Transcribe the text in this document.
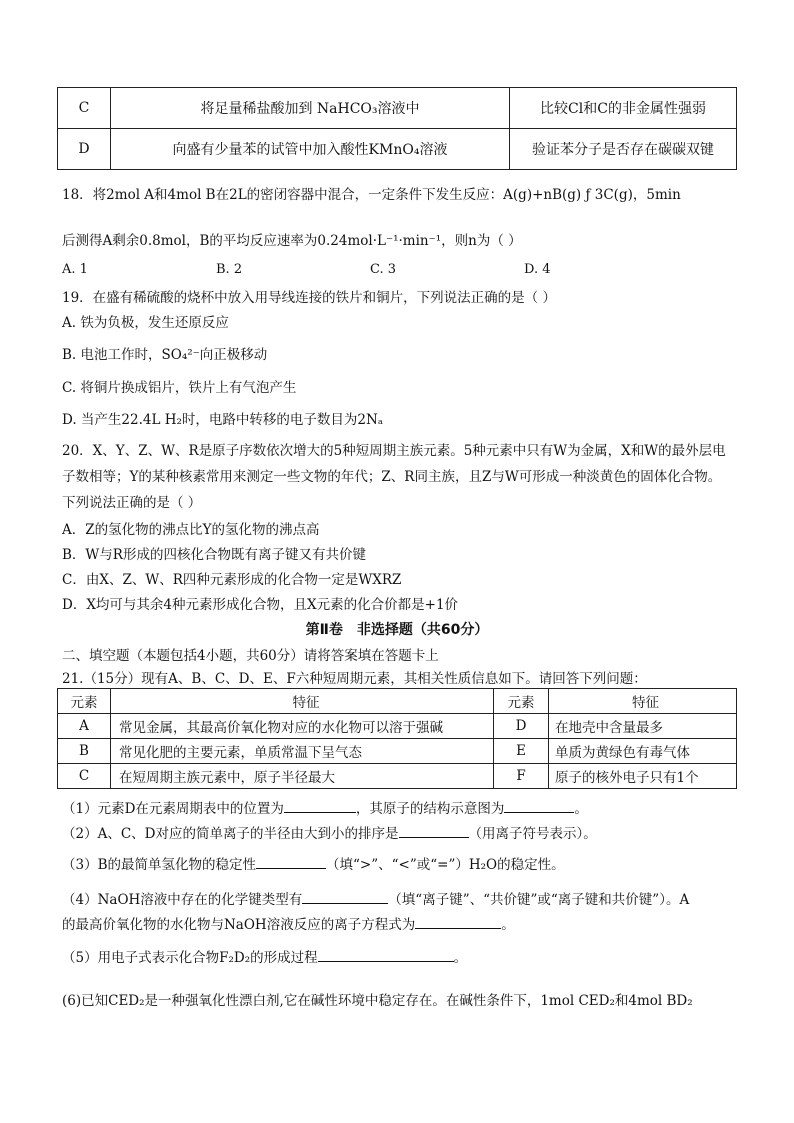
C	将足量稀盐酸加到 NaHCO₃溶液中	比较Cl和C的非金属性强弱
D	向盛有少量苯的试管中加入酸性KMnO₄溶液	验证苯分子是否存在碳碳双键
18．将2mol A和4mol B在2L的密闭容器中混合，一定条件下发生反应：A(g)+nB(g) ƒ 3C(g)，5min
后测得A剩余0.8mol，B的平均反应速率为0.24mol·L⁻¹·min⁻¹，则n为（ ）
A. 1	B. 2	C. 3	D. 4
19．在盛有稀硫酸的烧杯中放入用导线连接的铁片和铜片，下列说法正确的是（ ）
A. 铁为负极，发生还原反应
B. 电池工作时，SO₄²⁻向正极移动
C. 将铜片换成铝片，铁片上有气泡产生
D. 当产生22.4L H₂时，电路中转移的电子数目为2Nₐ
20．X、Y、Z、W、R是原子序数依次增大的5种短周期主族元素。5种元素中只有W为金属，X和W的最外层电子数相等；Y的某种核素常用来测定一些文物的年代；Z、R同主族，且Z与W可形成一种淡黄色的固体化合物。下列说法正确的是（ ）
A．Z的氢化物的沸点比Y的氢化物的沸点高
B．W与R形成的四核化合物既有离子键又有共价键
C．由X、Z、W、R四种元素形成的化合物一定是WXRZ
D．X均可与其余4种元素形成化合物，且X元素的化合价都是+1价
第Ⅱ卷　非选择题（共60分）
二、填空题（本题包括4小题，共60分）请将答案填在答题卡上
21.（15分）现有A、B、C、D、E、F六种短周期元素，其相关性质信息如下。请回答下列问题：
元素	特征	元素	特征
A	常见金属，其最高价氧化物对应的水化物可以溶于强碱	D	在地壳中含量最多
B	常见化肥的主要元素，单质常温下呈气态	E	单质为黄绿色有毒气体
C	在短周期主族元素中，原子半径最大	F	原子的核外电子只有1个
（1）元素D在元素周期表中的位置为	，其原子的结构示意图为	。
（2）A、C、D对应的简单离子的半径由大到小的排序是	（用离子符号表示）。
（3）B的最简单氢化物的稳定性	（填“>”、“<”或“=”）H₂O的稳定性。
（4）NaOH溶液中存在的化学键类型有	（填“离子键”、“共价键”或“离子键和共价键”）。A
的最高价氧化物的水化物与NaOH溶液反应的离子方程式为	。
（5）用电子式表示化合物F₂D₂的形成过程	。
(6)已知CED₂是一种强氧化性漂白剂,它在碱性环境中稳定存在。在碱性条件下，1mol CED₂和4mol BD₂
